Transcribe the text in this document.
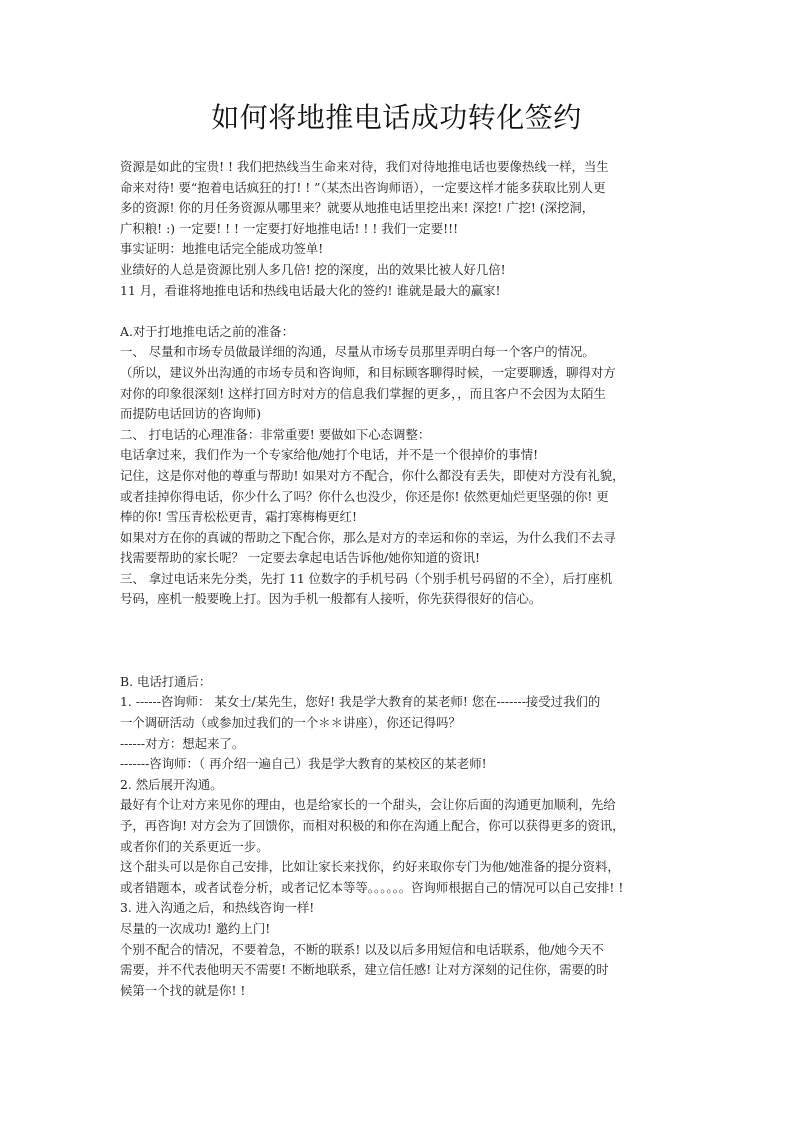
如何将地推电话成功转化签约
资源是如此的宝贵! ! 我们把热线当生命来对待，我们对待地推电话也要像热线一样，当生
命来对待! 要“抱着电话疯狂的打! ! ”（某杰出咨询师语），一定要这样才能多获取比别人更
多的资源! 你的月任务资源从哪里来？就要从地推电话里挖出来! 深挖! 广挖! (深挖洞，
广积粮! :) 一定要! ! ! 一定要打好地推电话! ! ! 我们一定要!!!
事实证明：地推电话完全能成功签单!
业绩好的人总是资源比别人多几倍! 挖的深度，出的效果比被人好几倍!
11 月，看谁将地推电话和热线电话最大化的签约! 谁就是最大的赢家!
A.对于打地推电话之前的准备：
一、 尽量和市场专员做最详细的沟通，尽量从市场专员那里弄明白每一个客户的情况。
（所以，建议外出沟通的市场专员和咨询师，和目标顾客聊得时候，一定要聊透，聊得对方
对你的印象很深刻! 这样打回方时对方的信息我们掌握的更多，，而且客户不会因为太陌生
而提防电话回访的咨询师)
二、 打电话的心理准备：非常重要! 要做如下心态调整：
电话拿过来，我们作为一个专家给他/她打个电话，并不是一个很掉价的事情!
记住，这是你对他的尊重与帮助! 如果对方不配合，你什么都没有丢失，即使对方没有礼貌，
或者挂掉你得电话，你少什么了吗？你什么也没少，你还是你! 依然更灿烂更坚强的你! 更
棒的你! 雪压青松松更青，霜打寒梅梅更红!
如果对方在你的真诚的帮助之下配合你，那么是对方的幸运和你的幸运，为什么我们不去寻
找需要帮助的家长呢？ 一定要去拿起电话告诉他/她你知道的资讯!
三、 拿过电话来先分类，先打 11 位数字的手机号码（个别手机号码留的不全），后打座机
号码，座机一般要晚上打。因为手机一般都有人接听，你先获得很好的信心。
B. 电话打通后：
1. ------咨询师： 某女士/某先生，您好! 我是学大教育的某老师! 您在-------接受过我们的
一个调研活动（或参加过我们的一个＊＊讲座），你还记得吗？
------对方：想起来了。
-------咨询师：（ 再介绍一遍自己）我是学大教育的某校区的某老师!
2. 然后展开沟通。
最好有个让对方来见你的理由，也是给家长的一个甜头，会让你后面的沟通更加顺利，先给
予，再咨询! 对方会为了回馈你，而相对积极的和你在沟通上配合，你可以获得更多的资讯，
或者你们的关系更近一步。
这个甜头可以是你自己安排，比如让家长来找你，约好来取你专门为他/她准备的提分资料，
或者错题本，或者试卷分析，或者记忆本等等。。。。。。咨询师根据自己的情况可以自己安排! !
3. 进入沟通之后，和热线咨询一样!
尽量的一次成功! 邀约上门!
个别不配合的情况，不要着急，不断的联系! 以及以后多用短信和电话联系，他/她今天不
需要，并不代表他明天不需要! 不断地联系，建立信任感! 让对方深刻的记住你，需要的时
候第一个找的就是你! !
